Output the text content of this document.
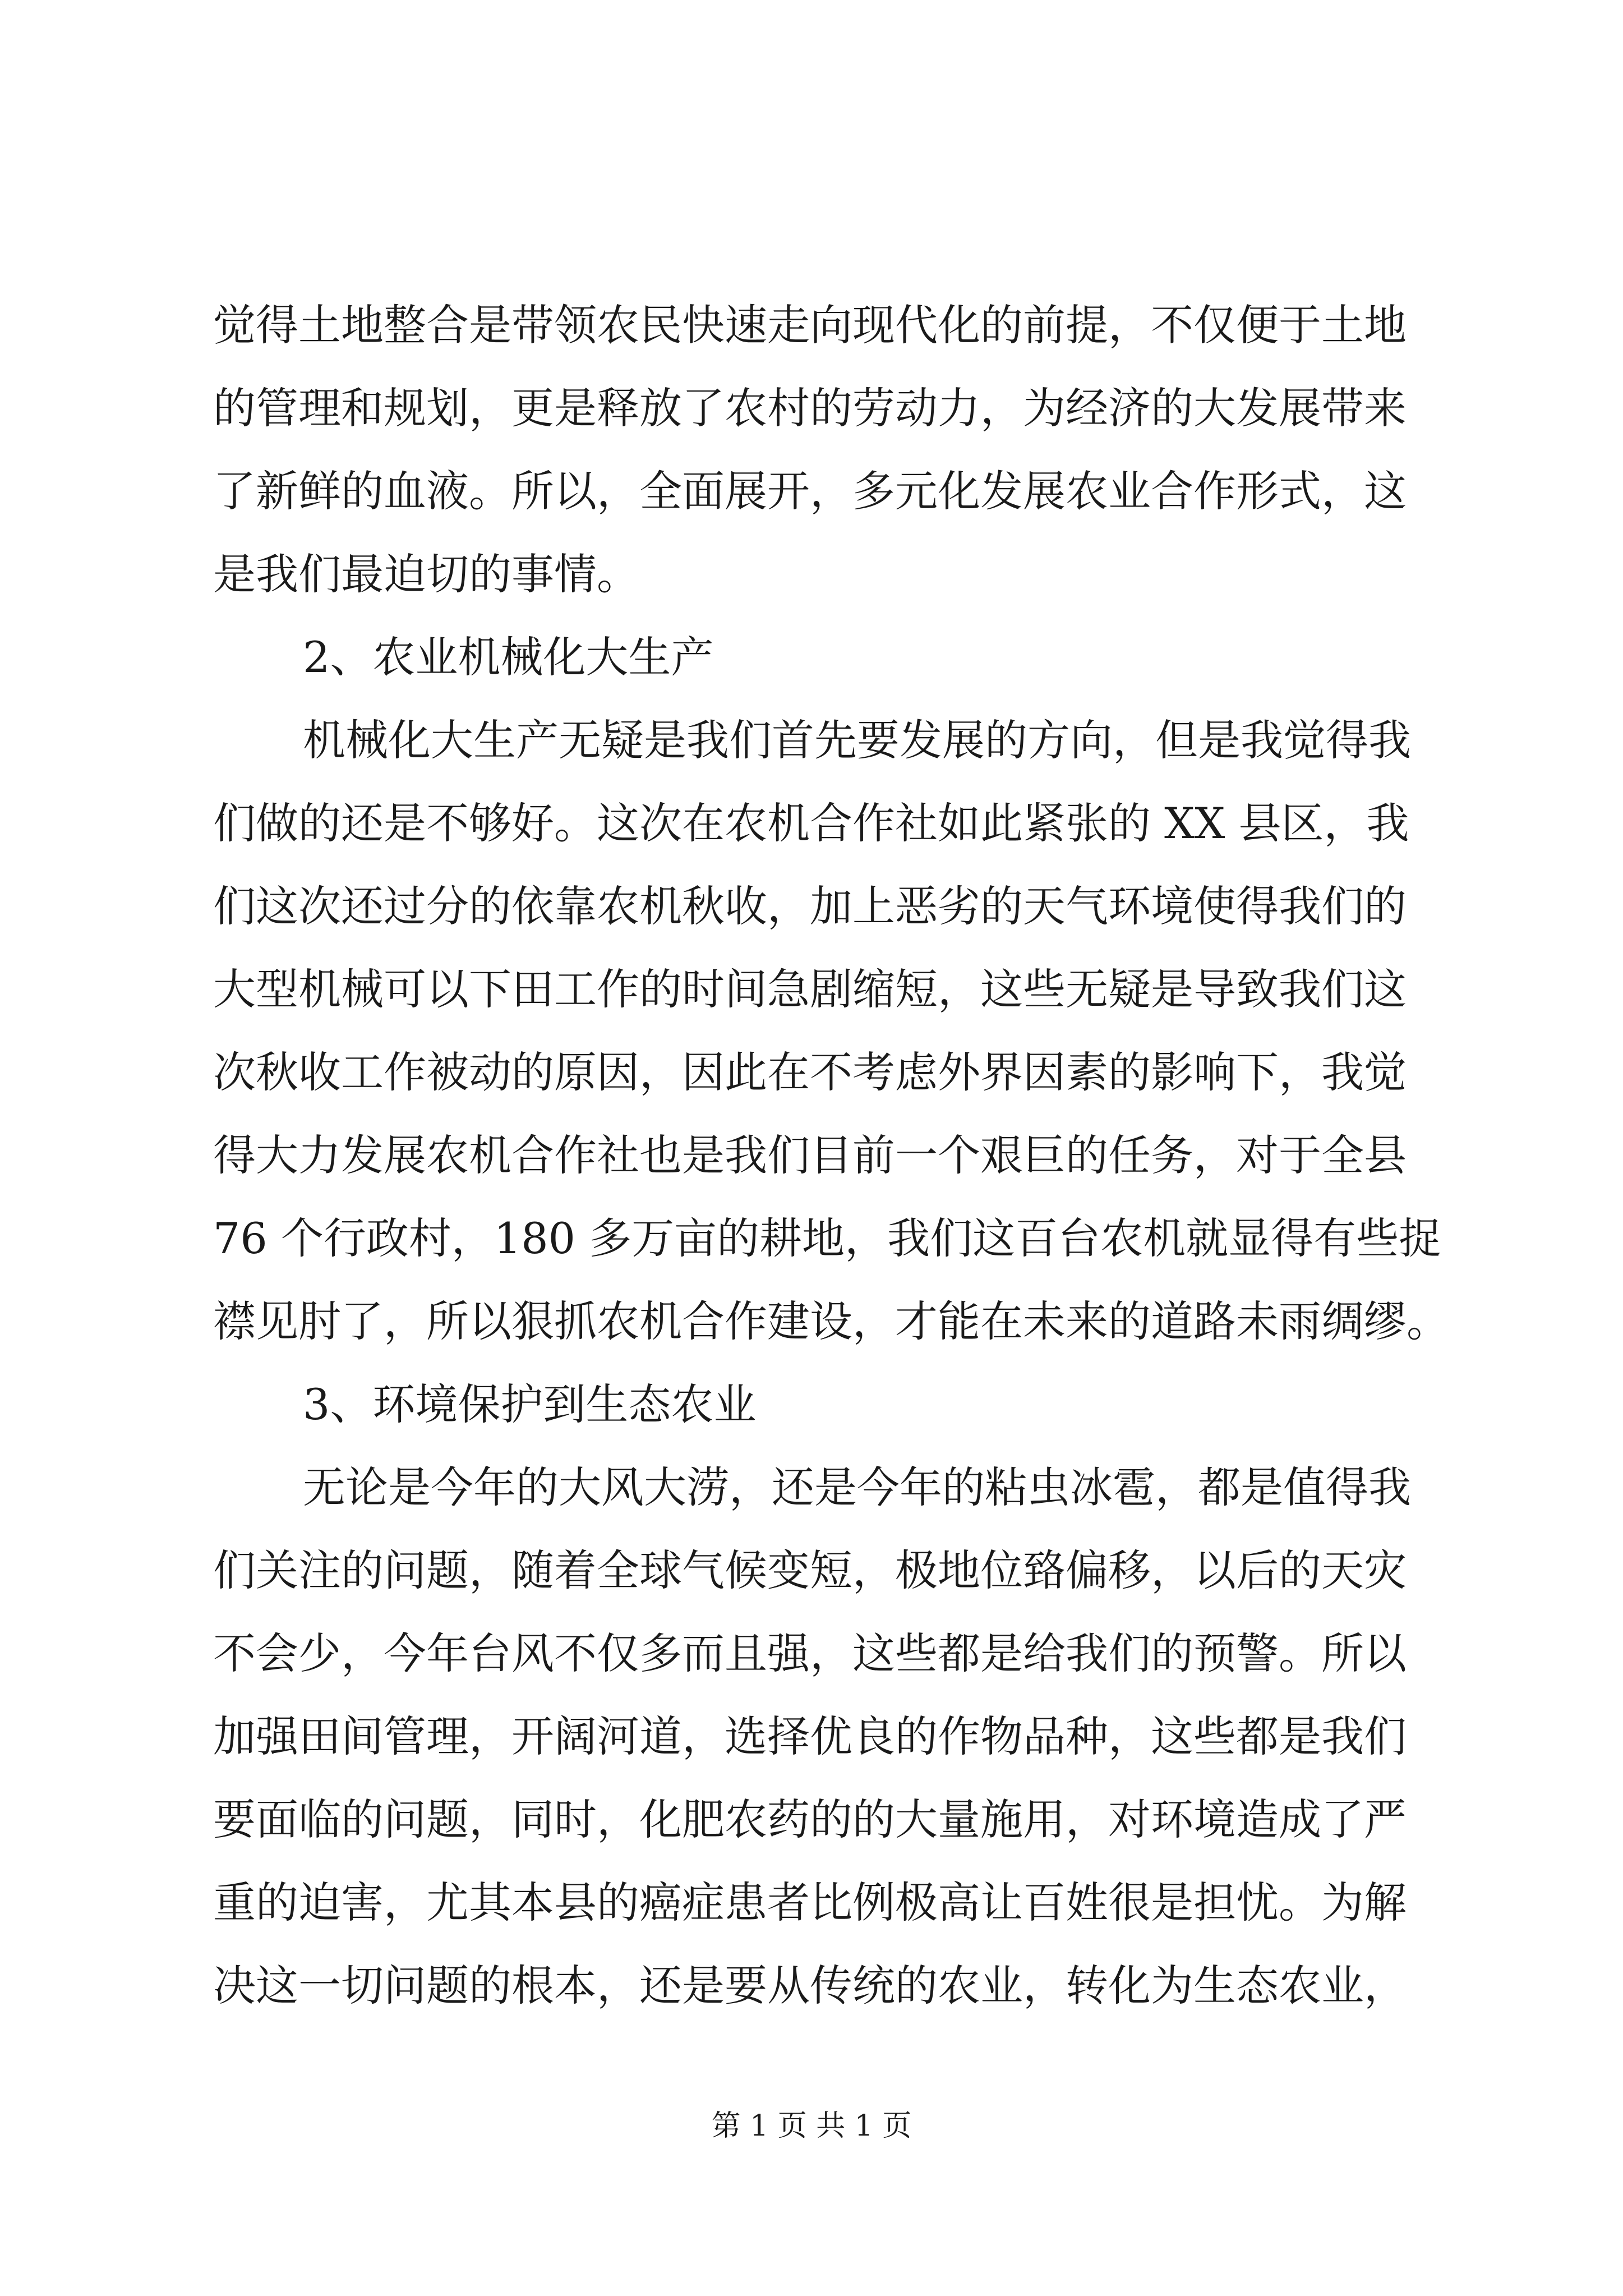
觉得土地整合是带领农民快速走向现代化的前提，不仅便于土地
的管理和规划，更是释放了农村的劳动力，为经济的大发展带来
了新鲜的血液。所以，全面展开，多元化发展农业合作形式，这
是我们最迫切的事情。
2、农业机械化大生产
机械化大生产无疑是我们首先要发展的方向，但是我觉得我
们做的还是不够好。这次在农机合作社如此紧张的 XX 县区，我
们这次还过分的依靠农机秋收，加上恶劣的天气环境使得我们的
大型机械可以下田工作的时间急剧缩短，这些无疑是导致我们这
次秋收工作被动的原因，因此在不考虑外界因素的影响下，我觉
得大力发展农机合作社也是我们目前一个艰巨的任务，对于全县
76 个行政村，180 多万亩的耕地，我们这百台农机就显得有些捉
襟见肘了，所以狠抓农机合作建设，才能在未来的道路未雨绸缪。
3、环境保护到生态农业
无论是今年的大风大涝，还是今年的粘虫冰雹，都是值得我
们关注的问题，随着全球气候变短，极地位臵偏移，以后的天灾
不会少，今年台风不仅多而且强，这些都是给我们的预警。所以
加强田间管理，开阔河道，选择优良的作物品种，这些都是我们
要面临的问题，同时，化肥农药的的大量施用，对环境造成了严
重的迫害，尤其本县的癌症患者比例极高让百姓很是担忧。为解
决这一切问题的根本，还是要从传统的农业，转化为生态农业，
第 1 页 共 1 页
